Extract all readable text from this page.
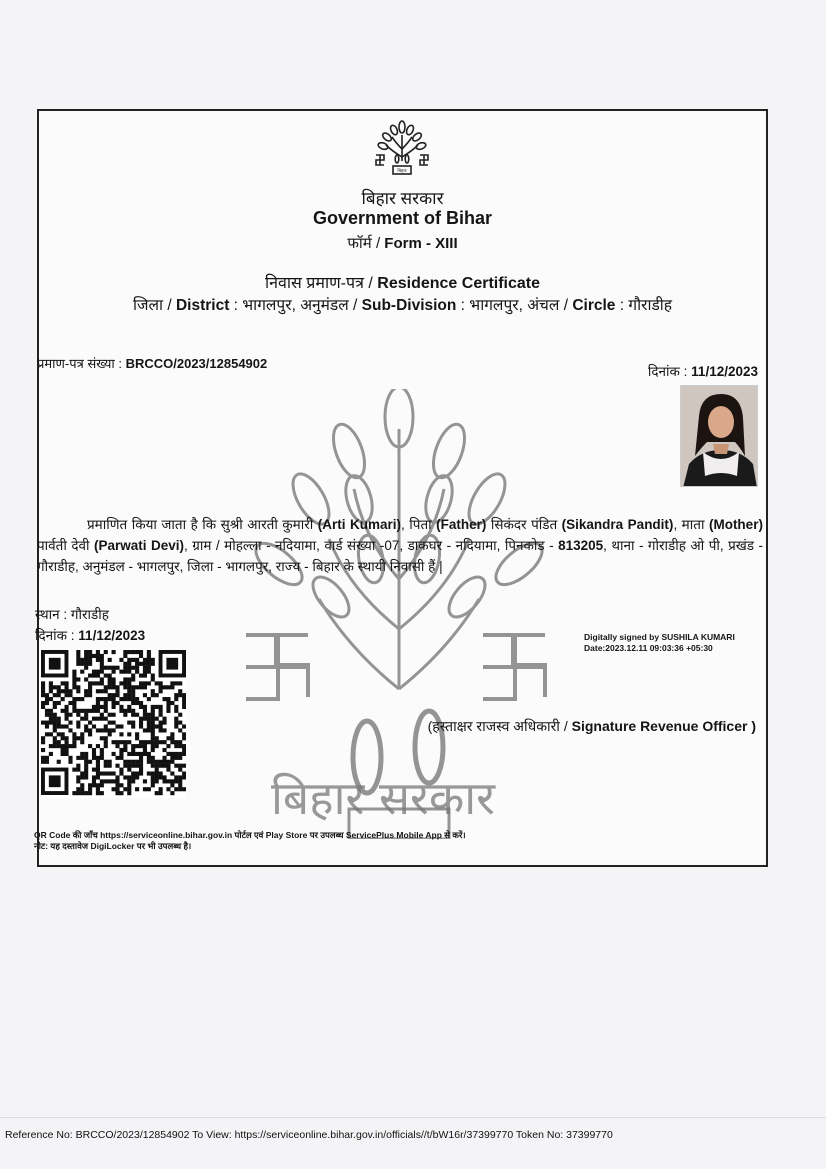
बिहार
बिहार सरकार
Government of Bihar
फॉर्म / Form - XIII
निवास प्रमाण-पत्र / Residence Certificate
जिला / District : भागलपुर, अनुमंडल / Sub-Division : भागलपुर, अंचल / Circle : गौराडीह
प्रमाण-पत्र संख्या : BRCCO/2023/12854902
दिनांक : 11/12/2023
बिहार सरकार
प्रमाणित किया जाता है कि सुश्री आरती कुमारी (Arti Kumari), पिता (Father) सिकंदर पंडित (Sikandra Pandit), माता (Mother) पार्वती देवी (Parwati Devi), ग्राम / मोहल्ला - नदियामा, वार्ड संख्या -07, डाकघर - नदियामा, पिनकोड - 813205, थाना - गोराडीह ओ पी, प्रखंड - गौराडीह, अनुमंडल - भागलपुर, जिला - भागलपुर, राज्य - बिहार के स्थायी निवासी हैं |
स्थान : गौराडीह
दिनांक : 11/12/2023	Digitally signed by SUSHILA KUMARI
Date:2023.12.11 09:03:36 +05:30
(हस्ताक्षर राजस्व अधिकारी / Signature Revenue Officer )
QR Code की जाँच https://serviceonline.bihar.gov.in पोर्टल एवं Play Store पर उपलब्ध ServicePlus Mobile App से करें।
नोट: यह दस्तावेज DigiLocker पर भी उपलब्ध है।
Reference No: BRCCO/2023/12854902 To View: https://serviceonline.bihar.gov.in/officials//t/bW16r/37399770 Token No: 37399770
